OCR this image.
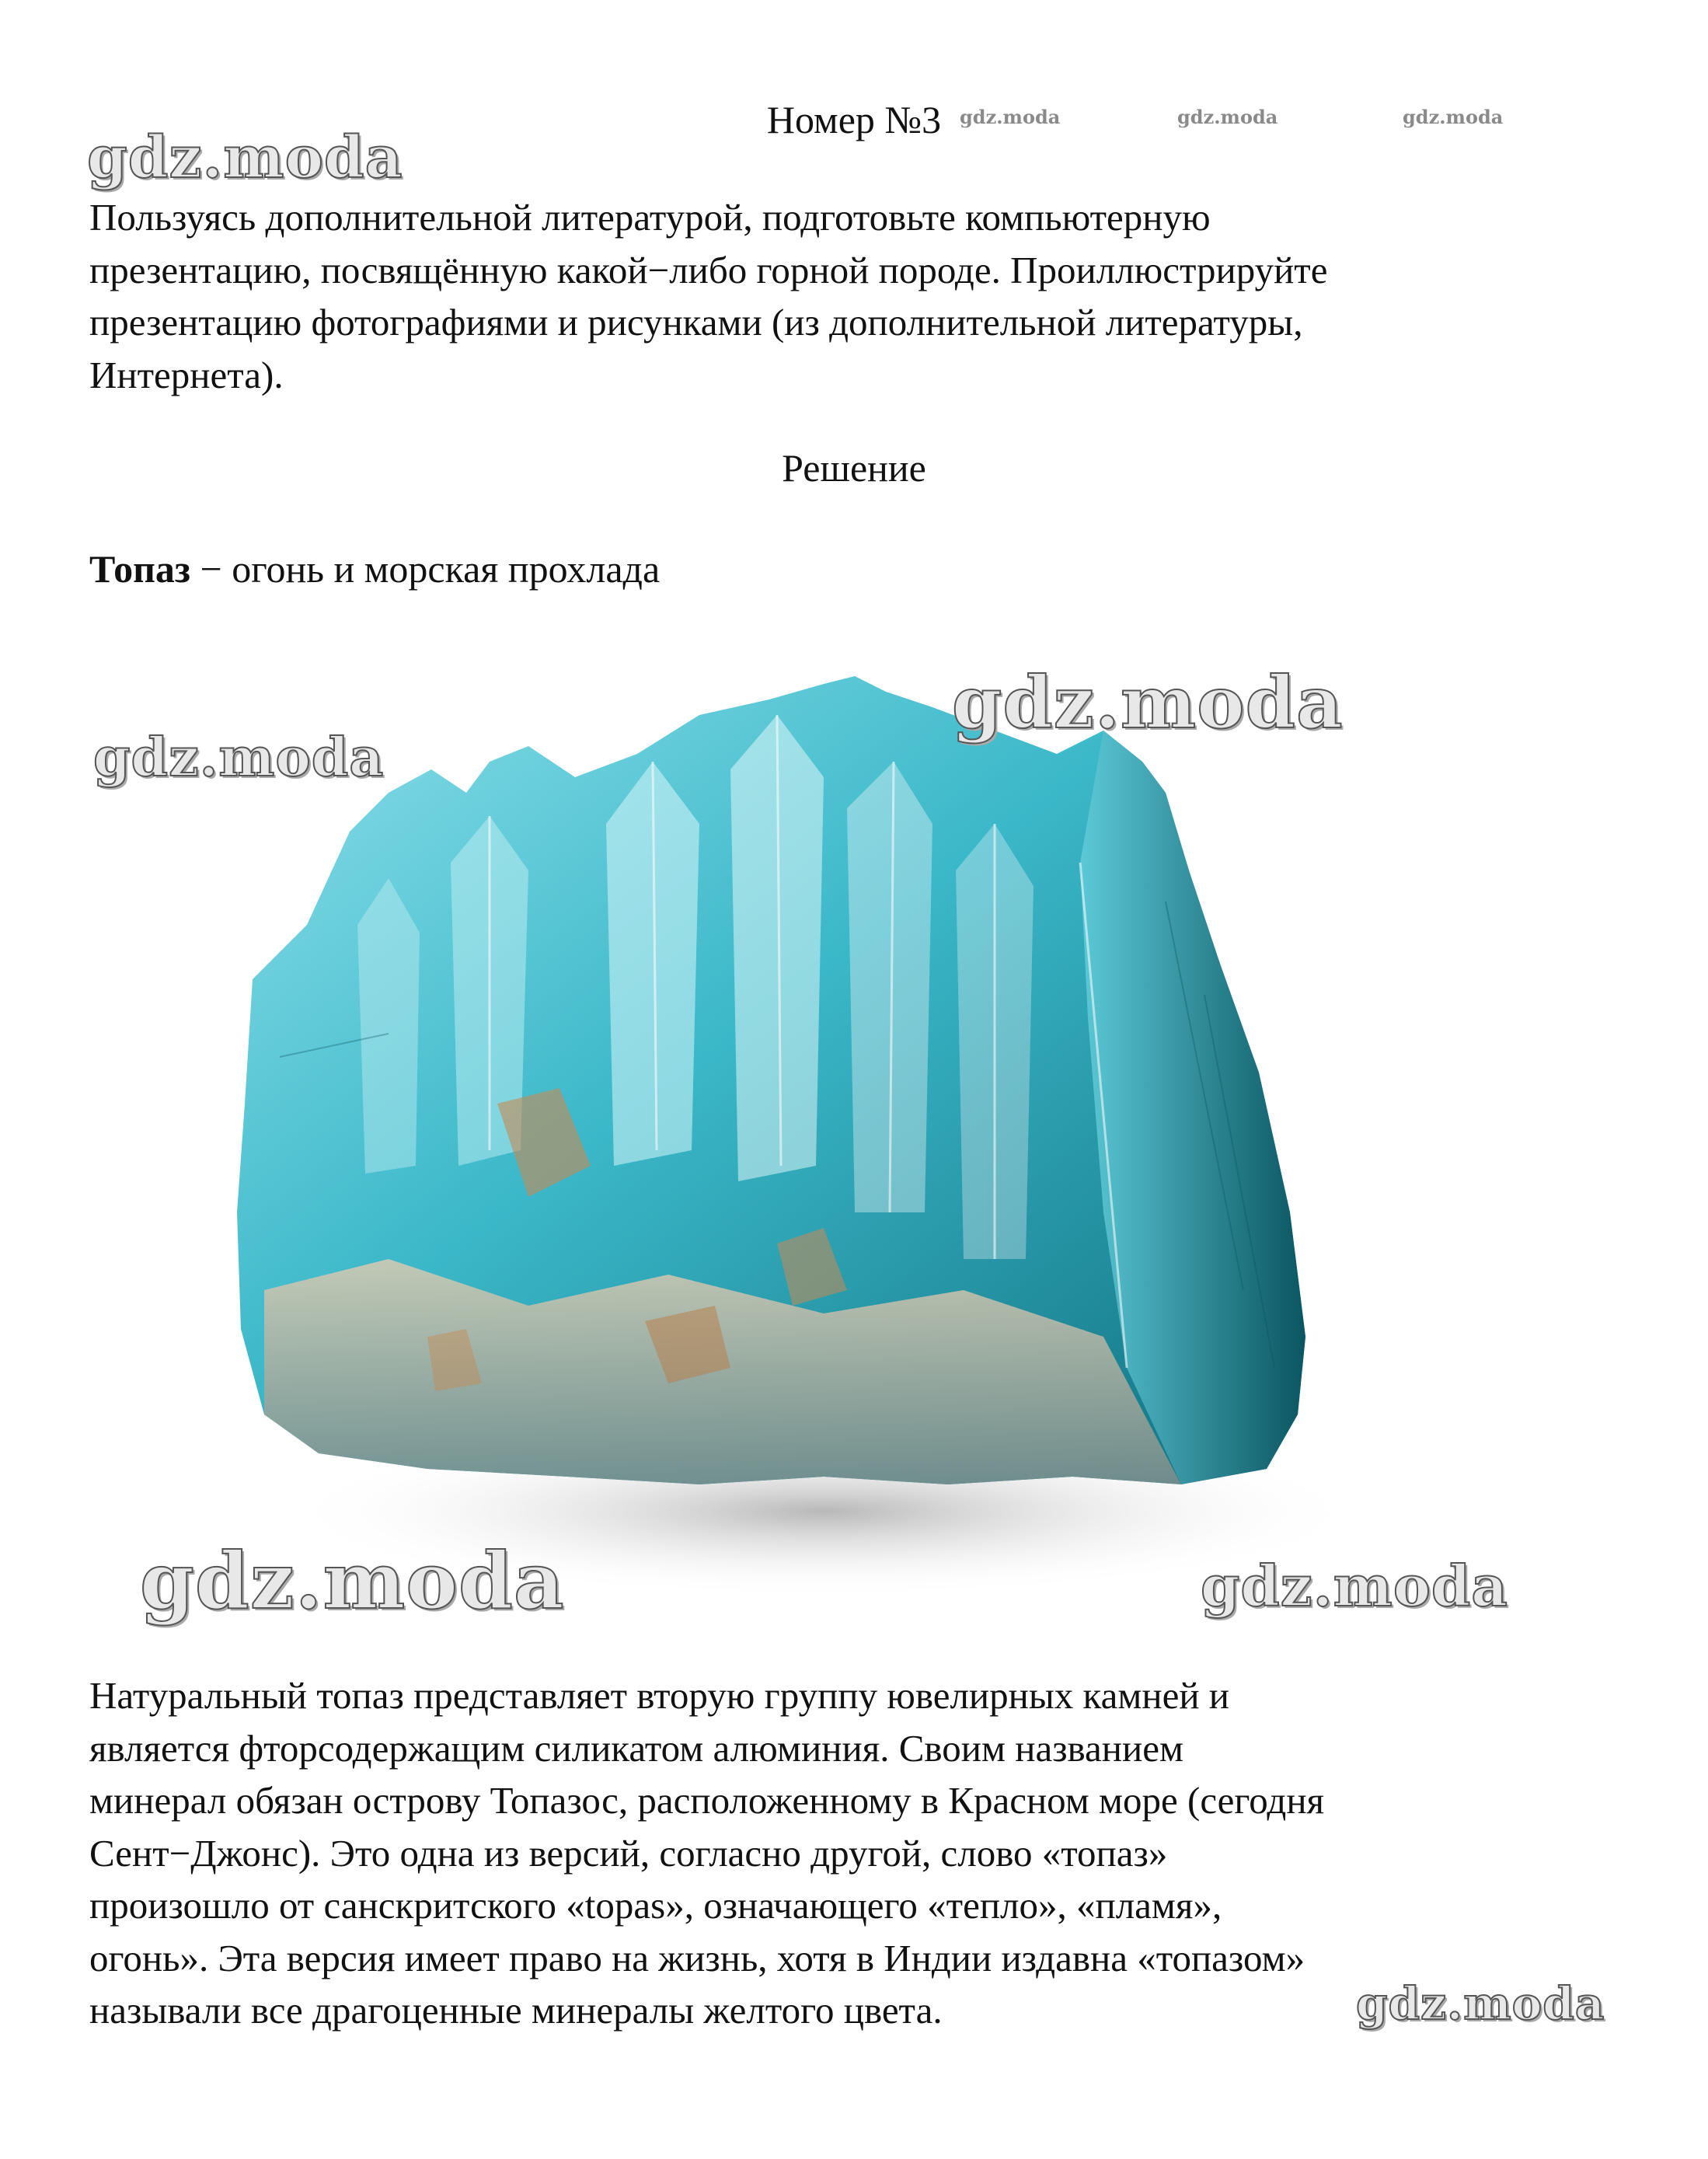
Номер №3 gdz.moda	gdz.moda	gdz.moda
gdz.moda
Пользуясь дополнительной литературой, подготовьте компьютерную
презентацию, посвящённую какой−либо горной породе. Проиллюстрируйте
презентацию фотографиями и рисунками (из дополнительной литературы,
Интернета).
Решение
Топаз − огонь и морская прохлада
gdz.moda
gdz.moda
gdz.moda	gdz.moda
Натуральный топаз представляет вторую группу ювелирных камней и
является фторсодержащим силикатом алюминия. Своим названием
минерал обязан острову Топазос, расположенному в Красном море (сегодня
Сент−Джонс). Это одна из версий, согласно другой, слово «топаз»
произошло от санскритского «topas», означающего «тепло», «пламя»,
огонь». Эта версия имеет право на жизнь, хотя в Индии издавна «топазом»
называли все драгоценные минералы желтого цвета.	gdz.moda
